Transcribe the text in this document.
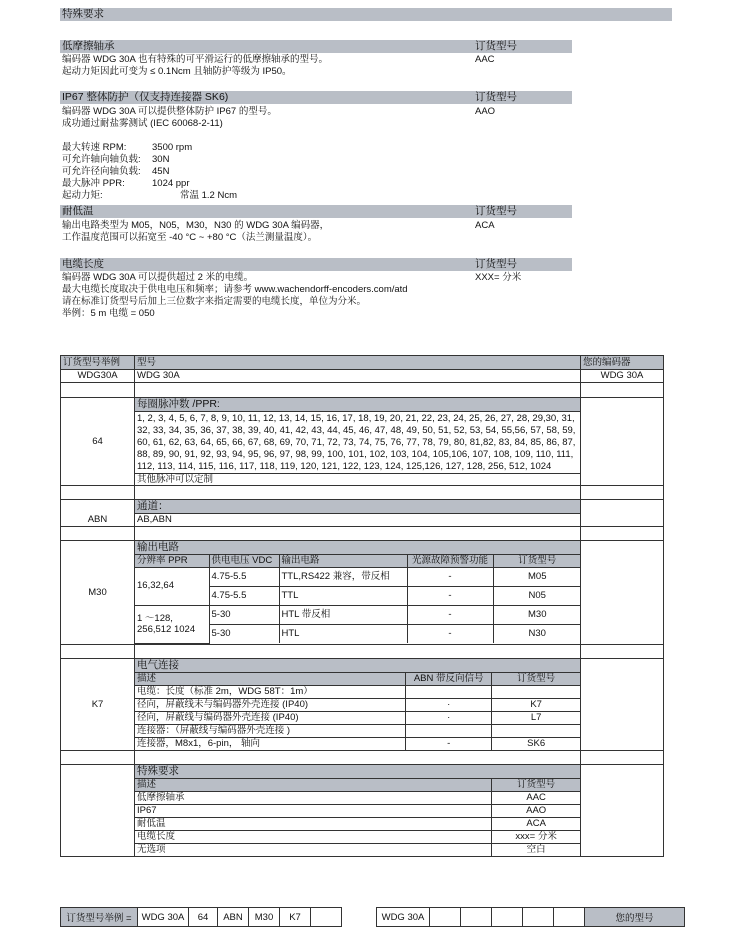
特殊要求
低摩擦轴承	订货型号
编码器 WDG 30A 也有特殊的可平滑运行的低摩擦轴承的型号。
起动力矩因此可变为 ≤ 0.1Ncm 且轴防护等级为 IP50。
AAC
IP67 整体防护（仅支持连接器 SK6)	订货型号
编码器 WDG 30A 可以提供整体防护 IP67 的型号。
成功通过耐盐雾测试 (IEC 60068-2-11)
AAO
最大转速 RPM:	3500 rpm
可允许轴向轴负载: 30N
可允许径向轴负载: 45N
最大脉冲 PPR:	1024 ppr
起动力矩:	常温 1.2 Ncm
耐低温	订货型号
输出电路类型为 M05，N05，M30，N30 的 WDG 30A 编码器，
工作温度范围可以拓宽至 -40 °C ~ +80 °C（法兰测量温度）。
ACA
电缆长度	订货型号
编码器 WDG 30A 可以提供超过 2 米的电缆。
最大电缆长度取决于供电电压和频率；请参考 www.wachendorff-encoders.com/atd
请在标准订货型号后加上三位数字来指定需要的电缆长度，单位为分米。
举例：5 m 电缆 = 050
XXX= 分米
订货型号举例	型号	您的编码器
WDG30A	WDG 30A	WDG 30A

64	每圈脉冲数 /PPR:	
1, 2, 3, 4, 5, 6, 7, 8, 9, 10, 11, 12, 13, 14, 15, 16, 17, 18, 19, 20, 21, 22, 23, 24, 25, 26, 27, 28, 29,30, 31, 32, 33, 34, 35, 36, 37, 38, 39, 40, 41, 42, 43, 44, 45, 46, 47, 48, 49, 50, 51, 52, 53, 54, 55,56, 57, 58, 59, 60, 61, 62, 63, 64, 65, 66, 67, 68, 69, 70, 71, 72, 73, 74, 75, 76, 77, 78, 79, 80, 81,82, 83, 84, 85, 86, 87, 88, 89, 90, 91, 92, 93, 94, 95, 96, 97, 98, 99, 100, 101, 102, 103, 104, 105,106, 107, 108, 109, 110, 111, 112, 113, 114, 115, 116, 117, 118, 119, 120, 121, 122, 123, 124, 125,126, 127, 128, 256, 512, 1024
其他脉冲可以定制

ABN	通道：	
AB,ABN

M30	输出电路	

分辨率 PPR	供电电压 VDC	输出电路	光源故障预警功能	订货型号
16,32,64	4.75-5.5	TTL,RS422 兼容，带反相	-	M05
4.75-5.5	TTL	-	N05
1 ～128, 256,512 1024	5-30	HTL 带反相	-	M30
5-30	HTL	-	N30

K7	电气连接	

描述	ABN 带反向信号	订货型号
电缆：长度（标准 2m，WDG 58T：1m）		
径向，屏蔽线未与编码器外壳连接 (IP40)	·	K7
径向，屏蔽线与编码器外壳连接 (IP40)	·	L7
连接器：（屏蔽线与编码器外壳连接 )		
连接器，M8x1，6-pin， 轴向	-	SK6

	特殊要求	

描述	订货型号
低摩擦轴承	AAC
IP67	AAO
耐低温	ACA
电缆长度	xxx= 分米
无选项	空白
订货型号举例 =	WDG 30A	64	ABN	M30	K7		WDG 30A						您的型号
